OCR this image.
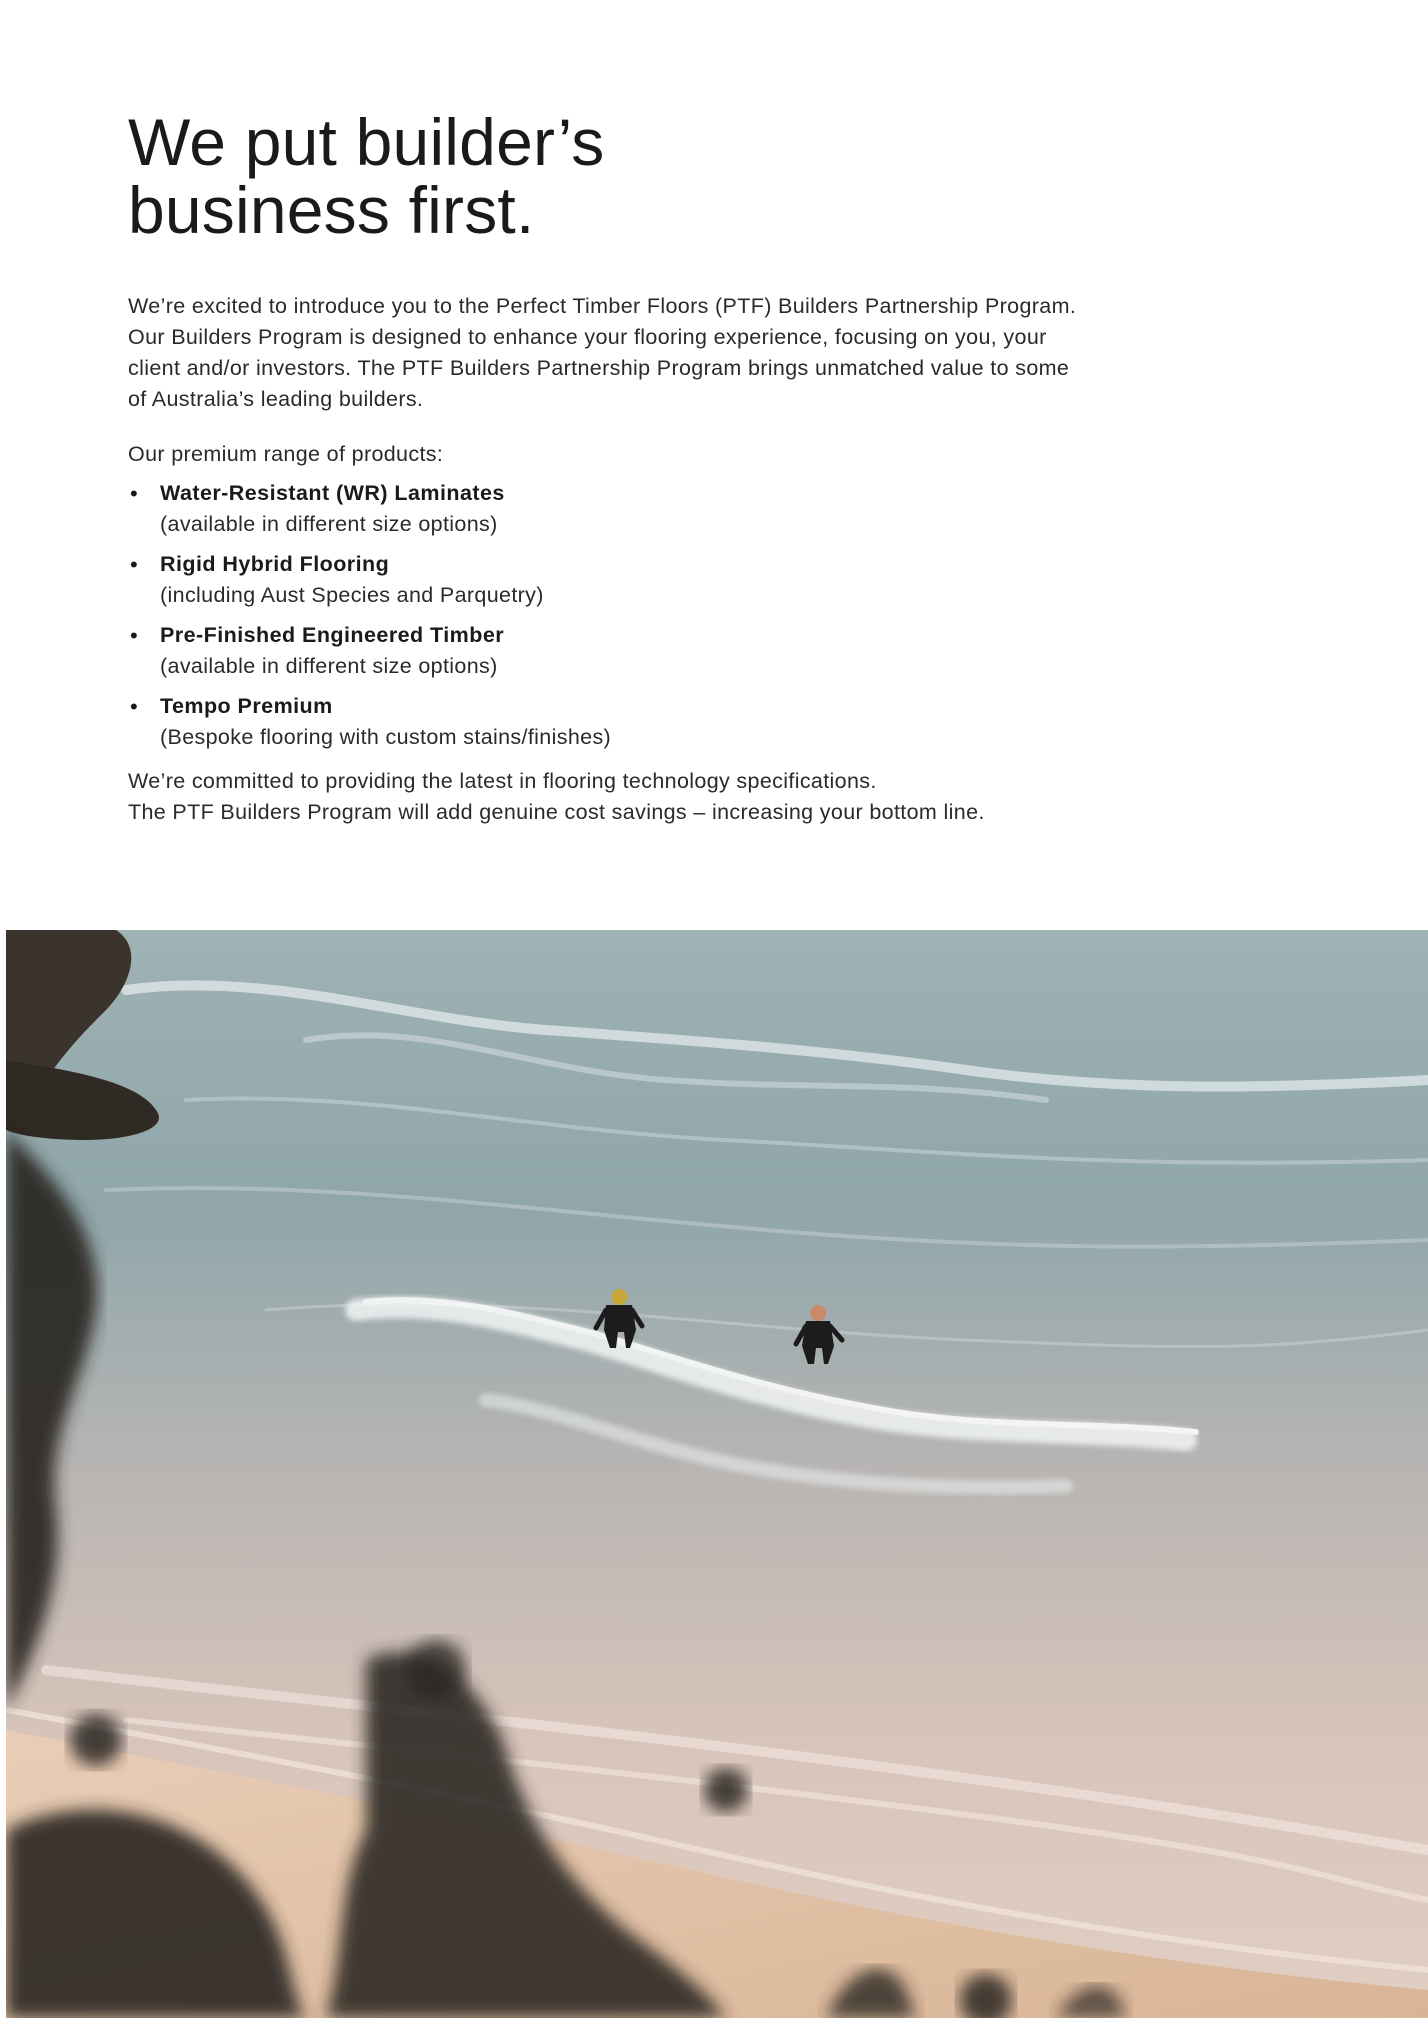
We put builder’s
business first.

We’re excited to introduce you to the Perfect Timber Floors (PTF) Builders Partnership Program. Our Builders Program is designed to enhance your flooring experience, focusing on you, your client and/or investors. The PTF Builders Partnership Program brings unmatched value to some of Australia’s leading builders.

Our premium range of products:

• Water-Resistant (WR) Laminates
(available in different size options)
• Rigid Hybrid Flooring
(including Aust Species and Parquetry)
• Pre-Finished Engineered Timber
(available in different size options)
• Tempo Premium
(Bespoke flooring with custom stains/finishes)

We’re committed to providing the latest in flooring technology specifications.
The PTF Builders Program will add genuine cost savings – increasing your bottom line.
